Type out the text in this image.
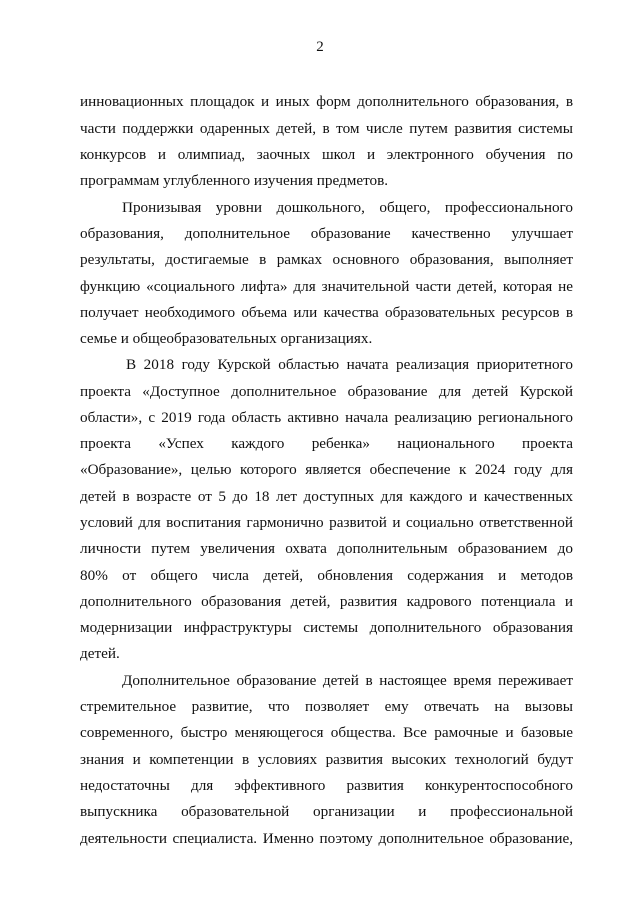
2
инновационных площадок и иных форм дополнительного образования, в
части поддержки одаренных детей, в том числе путем развития системы
конкурсов и олимпиад, заочных школ и электронного обучения по
программам углубленного изучения предметов.
Пронизывая уровни дошкольного, общего, профессионального
образования, дополнительное образование качественно улучшает
результаты, достигаемые в рамках основного образования, выполняет
функцию «социального лифта» для значительной части детей, которая не
получает необходимого объема или качества образовательных ресурсов в
семье и общеобразовательных организациях.
В 2018 году Курской областью начата реализация приоритетного
проекта «Доступное дополнительное образование для детей Курской
области», с 2019 года область активно начала реализацию регионального
проекта «Успех каждого ребенка» национального проекта
«Образование», целью которого является обеспечение к 2024 году для
детей в возрасте от 5 до 18 лет доступных для каждого и качественных
условий для воспитания гармонично развитой и социально ответственной
личности путем увеличения охвата дополнительным образованием до
80% от общего числа детей, обновления содержания и методов
дополнительного образования детей, развития кадрового потенциала и
модернизации инфраструктуры системы дополнительного образования
детей.
Дополнительное образование детей в настоящее время переживает
стремительное развитие, что позволяет ему отвечать на вызовы
современного, быстро меняющегося общества. Все рамочные и базовые
знания и компетенции в условиях развития высоких технологий будут
недостаточны для эффективного развития конкурентоспособного
выпускника образовательной организации и профессиональной
деятельности специалиста. Именно поэтому дополнительное образование,
